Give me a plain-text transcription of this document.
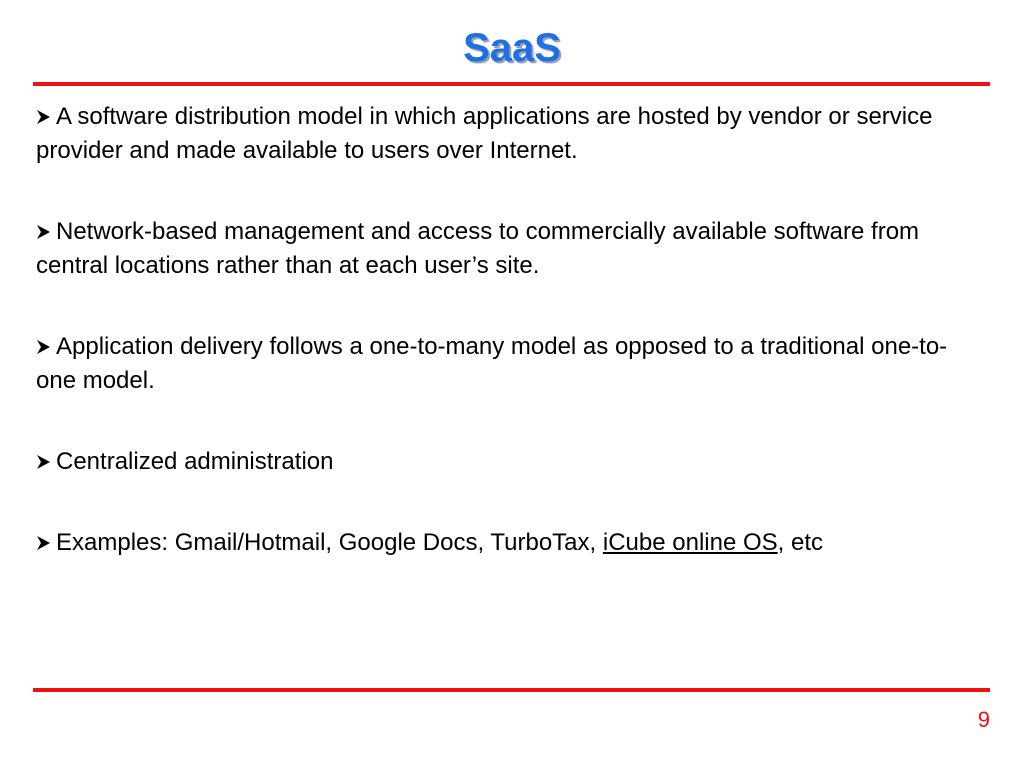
SaaS
A software distribution model in which applications are hosted by vendor or service provider and made available to users over Internet.
Network-based management and access to commercially available software from central locations rather than at each user’s site.
Application delivery follows a one-to-many model as opposed to a traditional one-to-one model.
Centralized administration
Examples: Gmail/Hotmail, Google Docs, TurboTax, iCube online OS, etc
9
